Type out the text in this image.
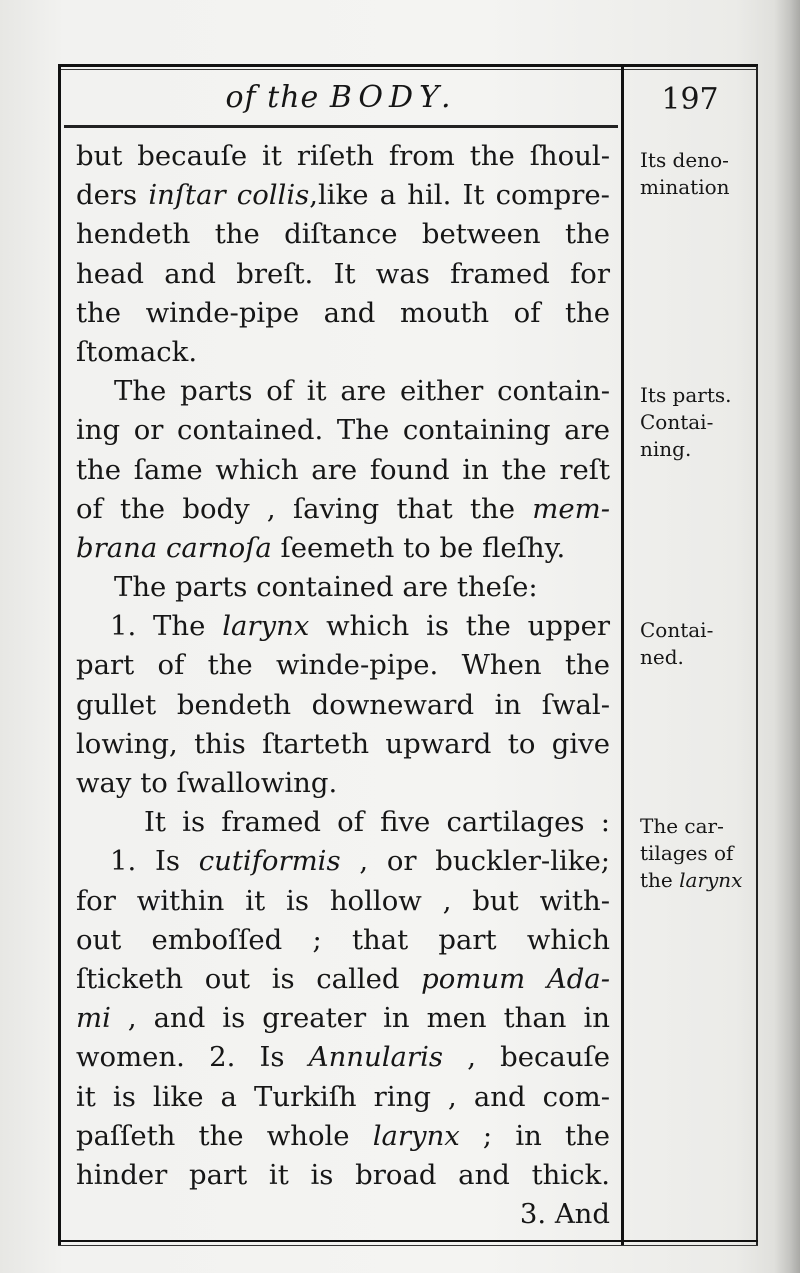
of the BODY.	197
but becauſe it riſeth from the ſhoul-
ders inſtar collis,like a hil. It compre-
hendeth the diſtance between the
head and breſt. It was framed for
the winde-pipe and mouth of the
ſtomack.
The parts of it are either contain-
ing or contained. The containing are
the ſame which are found in the reſt
of the body , ſaving that the mem-
brana carnoſa ſeemeth to be fleſhy.
The parts contained are theſe:
1. The larynx which is the upper
part of the winde-pipe. When the
gullet bendeth downeward in ſwal-
lowing, this ſtarteth upward to give
way to ſwallowing.
It is framed of five cartilages :
1. Is cutiformis , or buckler-like;
for within it is hollow , but with-
out emboſſed ; that part which
ſticketh out is called pomum Ada-
mi , and is greater in men than in
women. 2. Is Annularis , becauſe
it is like a Turkiſh ring , and com-
paſſeth the whole larynx ; in the
hinder part it is broad and thick.
3. And
Its deno-
mination
Its parts.
Contai-
ning.
Contai-
ned.
The car-
tilages of
the larynx
